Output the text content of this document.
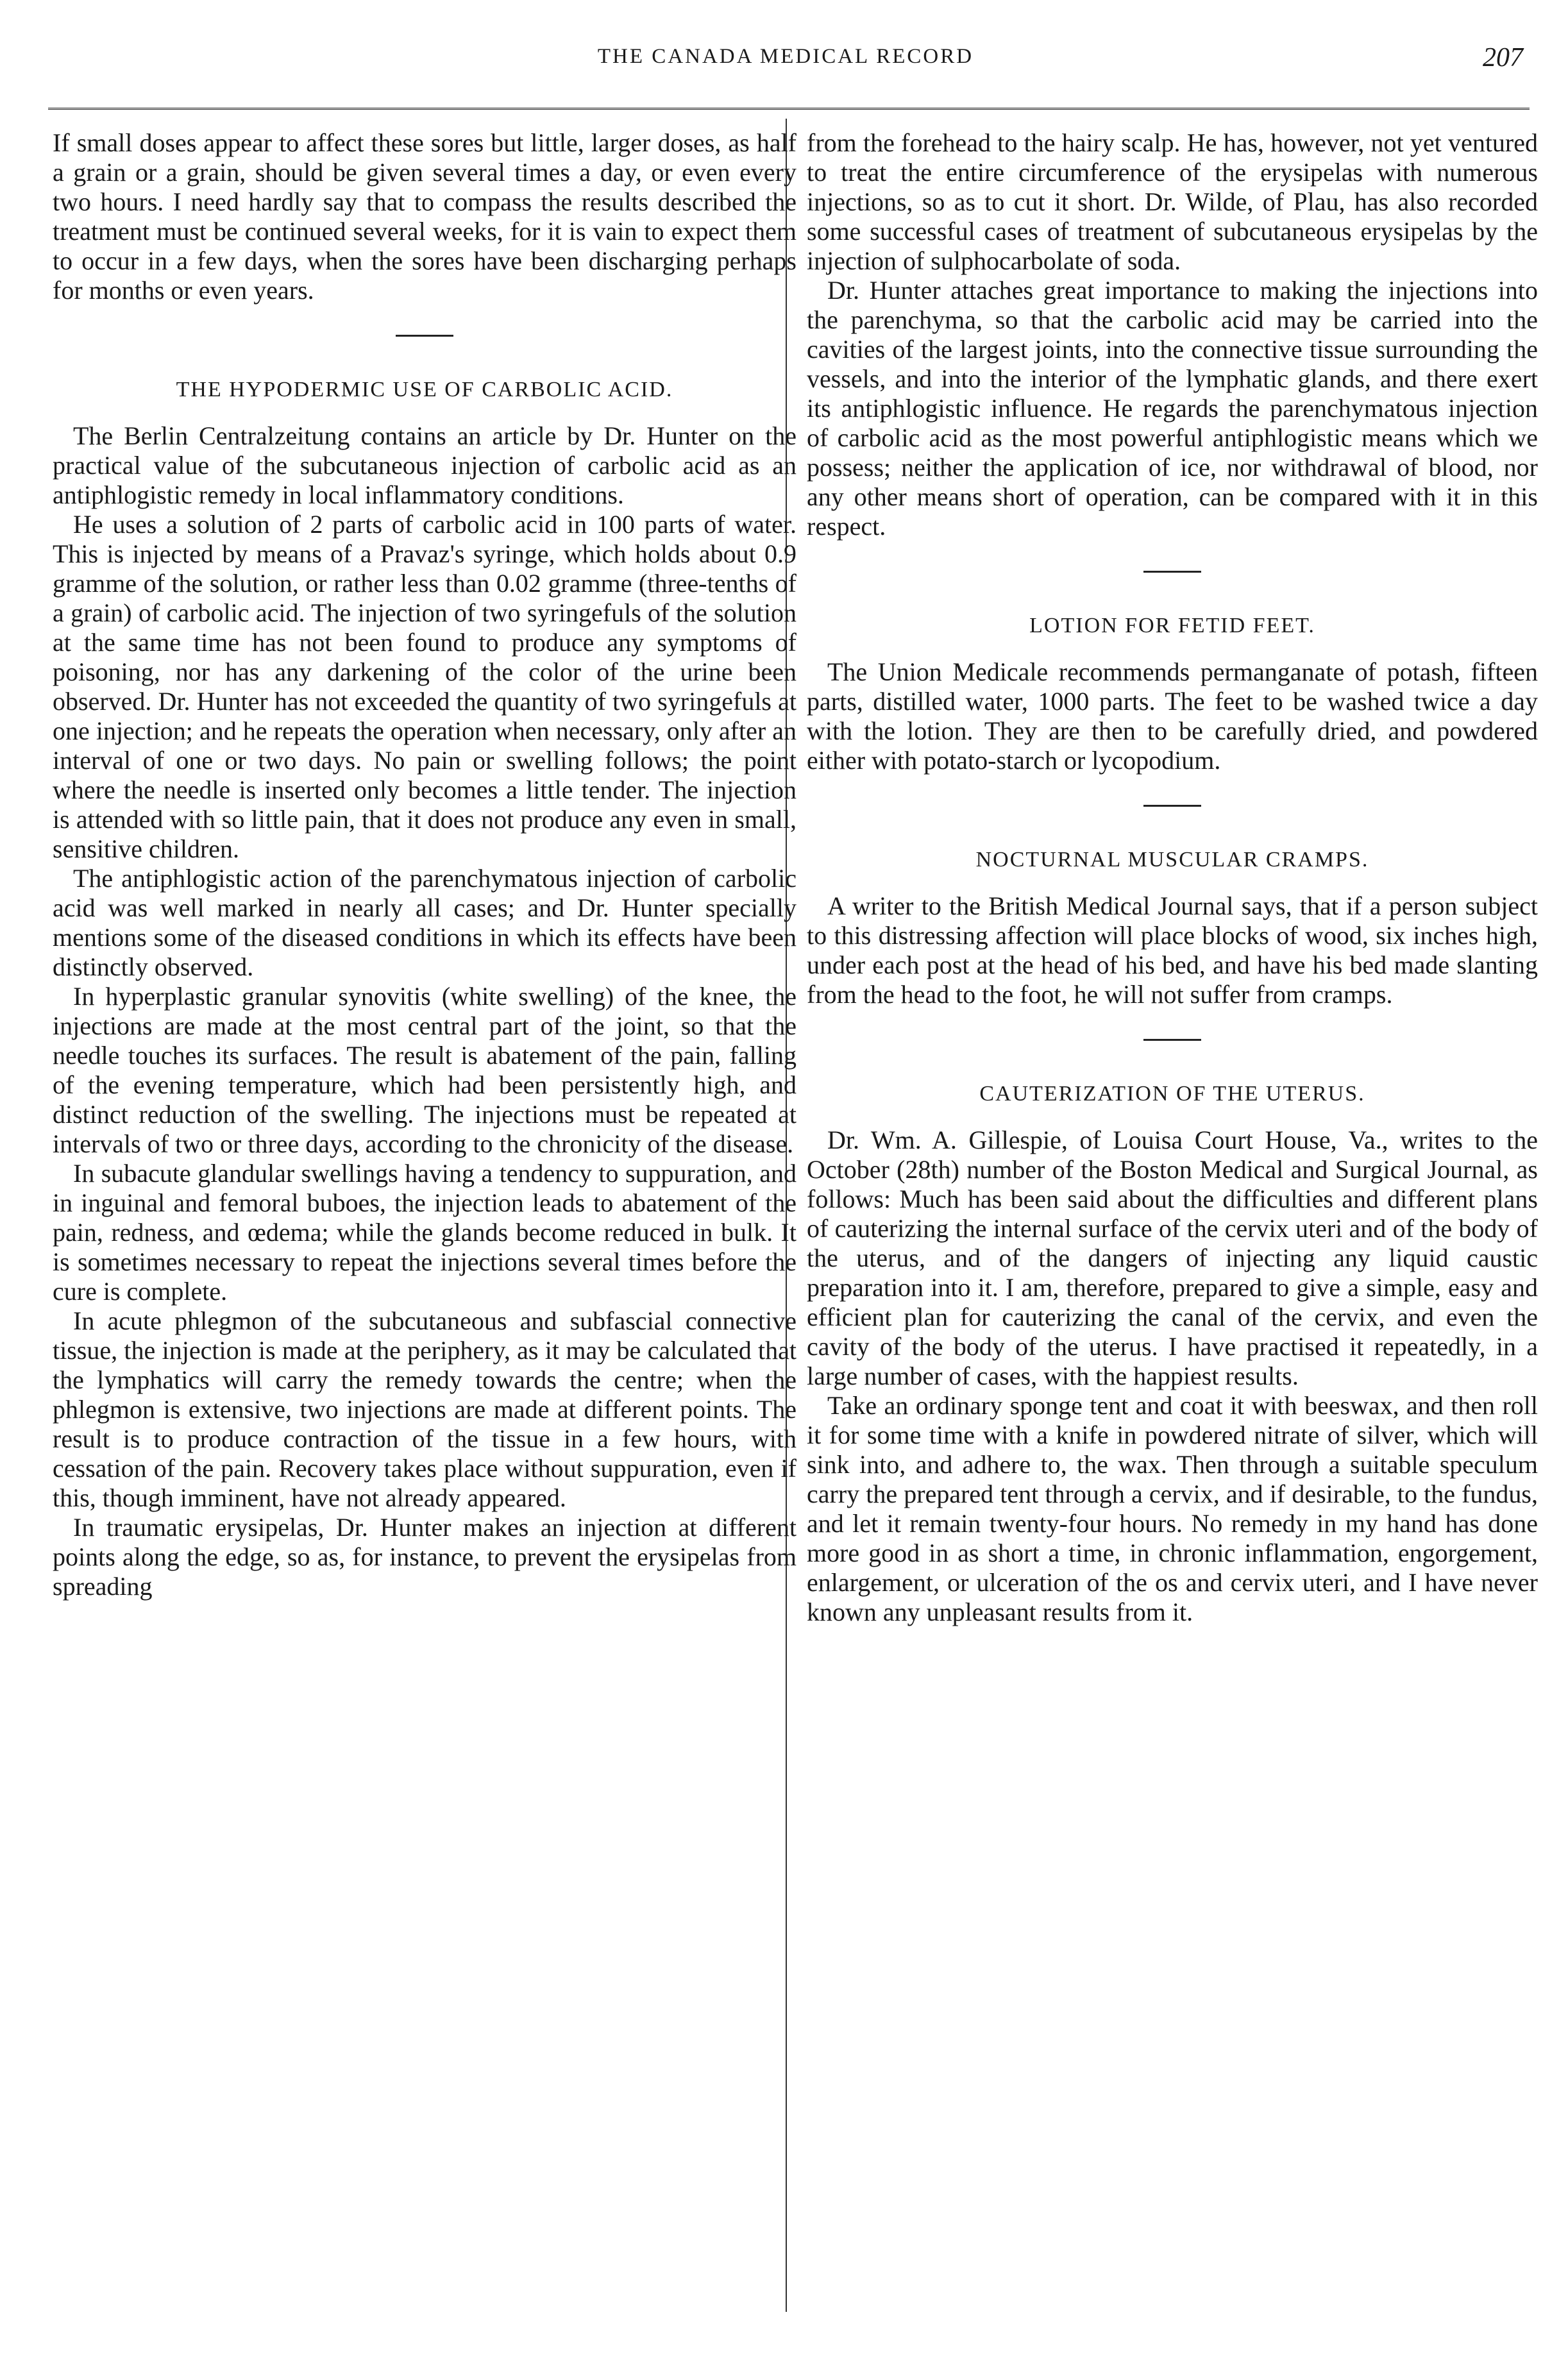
THE CANADA MEDICAL RECORD	207

If small doses appear to affect these sores but little, larger doses, as half a grain or a grain, should be given several times a day, or even every two hours. I need hardly say that to compass the results described the treatment must be continued several weeks, for it is vain to expect them to occur in a few days, when the sores have been discharging perhaps for months or even years.

THE HYPODERMIC USE OF CARBOLIC ACID.

The Berlin Centralzeitung contains an article by Dr. Hunter on the practical value of the subcutaneous injection of carbolic acid as an antiphlogistic remedy in local inflammatory conditions.

He uses a solution of 2 parts of carbolic acid in 100 parts of water. This is injected by means of a Pravaz's syringe, which holds about 0.9 gramme of the solution, or rather less than 0.02 gramme (three-tenths of a grain) of carbolic acid. The injection of two syringefuls of the solution at the same time has not been found to produce any symptoms of poisoning, nor has any darkening of the color of the urine been observed. Dr. Hunter has not exceeded the quantity of two syringefuls at one injection; and he repeats the operation when necessary, only after an interval of one or two days. No pain or swelling follows; the point where the needle is inserted only becomes a little tender. The injection is attended with so little pain, that it does not produce any even in small, sensitive children.

The antiphlogistic action of the parenchymatous injection of carbolic acid was well marked in nearly all cases; and Dr. Hunter specially mentions some of the diseased conditions in which its effects have been distinctly observed.

In hyperplastic granular synovitis (white swelling) of the knee, the injections are made at the most central part of the joint, so that the needle touches its surfaces. The result is abatement of the pain, falling of the evening temperature, which had been persistently high, and distinct reduction of the swelling. The injections must be repeated at intervals of two or three days, according to the chronicity of the disease.

In subacute glandular swellings having a tendency to suppuration, and in inguinal and femoral buboes, the injection leads to abatement of the pain, redness, and œdema; while the glands become reduced in bulk. It is sometimes necessary to repeat the injections several times before the cure is complete.

In acute phlegmon of the subcutaneous and subfascial connective tissue, the injection is made at the periphery, as it may be calculated that the lymphatics will carry the remedy towards the centre; when the phlegmon is extensive, two injections are made at different points. The result is to produce contraction of the tissue in a few hours, with cessation of the pain. Recovery takes place without suppuration, even if this, though imminent, have not already appeared.

In traumatic erysipelas, Dr. Hunter makes an injection at different points along the edge, so as, for instance, to prevent the erysipelas from spreading

from the forehead to the hairy scalp. He has, however, not yet ventured to treat the entire circumference of the erysipelas with numerous injections, so as to cut it short. Dr. Wilde, of Plau, has also recorded some successful cases of treatment of subcutaneous erysipelas by the injection of sulphocarbolate of soda.

Dr. Hunter attaches great importance to making the injections into the parenchyma, so that the carbolic acid may be carried into the cavities of the largest joints, into the connective tissue surrounding the vessels, and into the interior of the lymphatic glands, and there exert its antiphlogistic influence. He regards the parenchymatous injection of carbolic acid as the most powerful antiphlogistic means which we possess; neither the application of ice, nor withdrawal of blood, nor any other means short of operation, can be compared with it in this respect.

LOTION FOR FETID FEET.

The Union Medicale recommends permanganate of potash, fifteen parts, distilled water, 1000 parts. The feet to be washed twice a day with the lotion. They are then to be carefully dried, and powdered either with potato-starch or lycopodium.

NOCTURNAL MUSCULAR CRAMPS.

A writer to the British Medical Journal says, that if a person subject to this distressing affection will place blocks of wood, six inches high, under each post at the head of his bed, and have his bed made slanting from the head to the foot, he will not suffer from cramps.

CAUTERIZATION OF THE UTERUS.

Dr. Wm. A. Gillespie, of Louisa Court House, Va., writes to the October (28th) number of the Boston Medical and Surgical Journal, as follows: Much has been said about the difficulties and different plans of cauterizing the internal surface of the cervix uteri and of the body of the uterus, and of the dangers of injecting any liquid caustic preparation into it. I am, therefore, prepared to give a simple, easy and efficient plan for cauterizing the canal of the cervix, and even the cavity of the body of the uterus. I have practised it repeatedly, in a large number of cases, with the happiest results.

Take an ordinary sponge tent and coat it with beeswax, and then roll it for some time with a knife in powdered nitrate of silver, which will sink into, and adhere to, the wax. Then through a suitable speculum carry the prepared tent through a cervix, and if desirable, to the fundus, and let it remain twenty-four hours. No remedy in my hand has done more good in as short a time, in chronic inflammation, engorgement, enlargement, or ulceration of the os and cervix uteri, and I have never known any unpleasant results from it.
